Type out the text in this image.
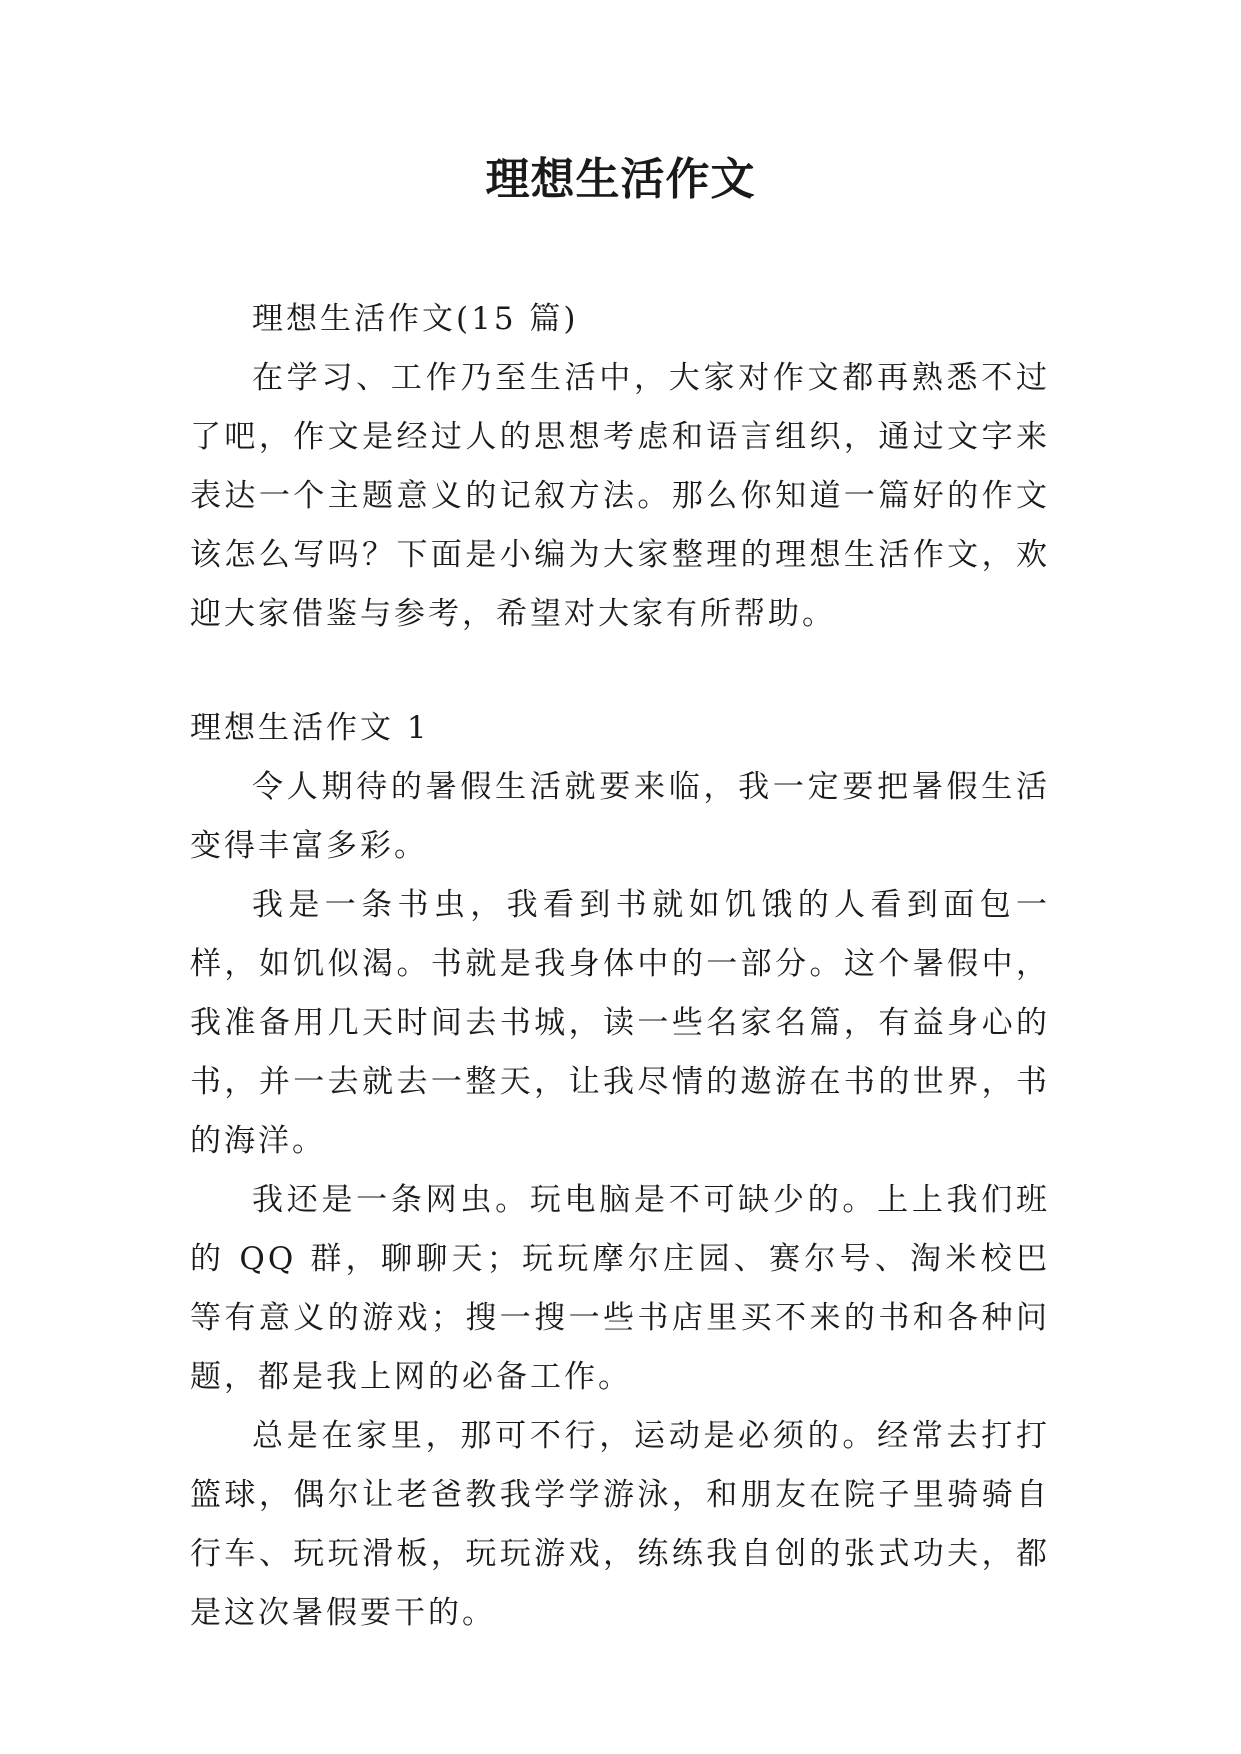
理想生活作文

理想生活作文(15 篇)

在学习、工作乃至生活中，大家对作文都再熟悉不过了吧，作文是经过人的思想考虑和语言组织，通过文字来表达一个主题意义的记叙方法。那么你知道一篇好的作文该怎么写吗？下面是小编为大家整理的理想生活作文，欢迎大家借鉴与参考，希望对大家有所帮助。

理想生活作文 1

令人期待的暑假生活就要来临，我一定要把暑假生活变得丰富多彩。

我是一条书虫，我看到书就如饥饿的人看到面包一样，如饥似渴。书就是我身体中的一部分。这个暑假中，我准备用几天时间去书城，读一些名家名篇，有益身心的书，并一去就去一整天，让我尽情的遨游在书的世界，书的海洋。

我还是一条网虫。玩电脑是不可缺少的。上上我们班的 QQ 群，聊聊天；玩玩摩尔庄园、赛尔号、淘米校巴等有意义的游戏；搜一搜一些书店里买不来的书和各种问题，都是我上网的必备工作。

总是在家里，那可不行，运动是必须的。经常去打打篮球，偶尔让老爸教我学学游泳，和朋友在院子里骑骑自行车、玩玩滑板，玩玩游戏，练练我自创的张式功夫，都是这次暑假要干的。
